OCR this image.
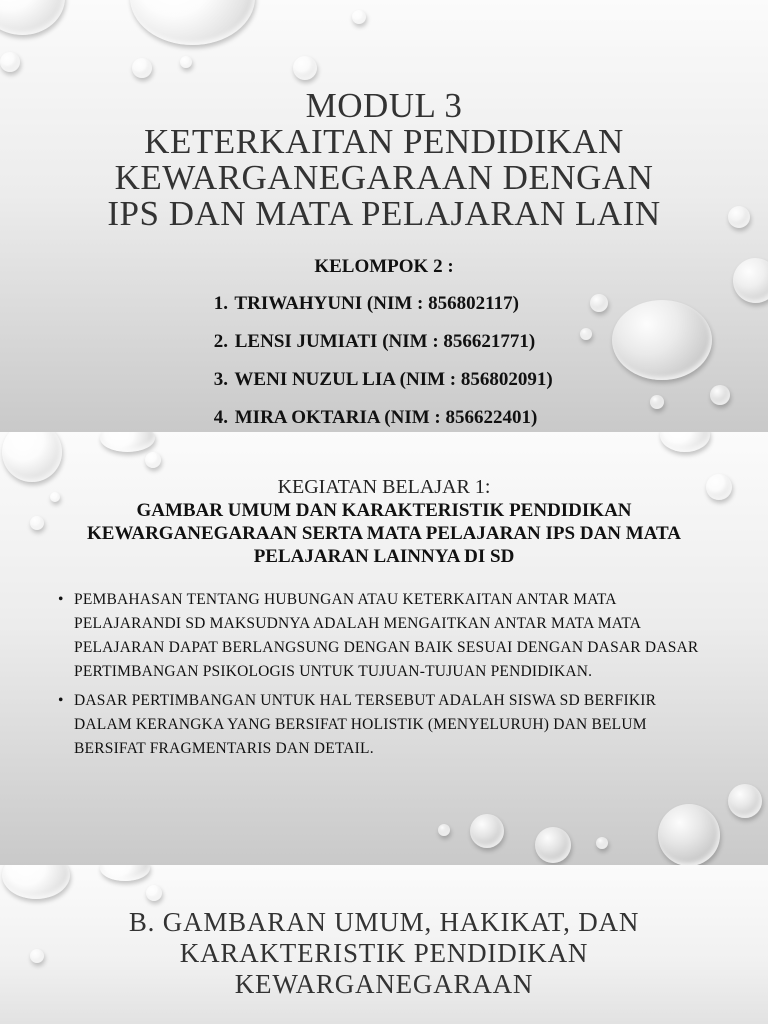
MODUL 3
KETERKAITAN PENDIDIKAN
KEWARGANEGARAAN DENGAN
IPS DAN MATA PELAJARAN LAIN
KELOMPOK 2 :
1. TRIWAHYUNI (NIM : 856802117)
2. LENSI JUMIATI (NIM : 856621771)
3. WENI NUZUL LIA (NIM : 856802091)
4. MIRA OKTARIA (NIM : 856622401)
KEGIATAN BELAJAR 1:
GAMBAR UMUM DAN KARAKTERISTIK PENDIDIKAN KEWARGANEGARAAN SERTA MATA PELAJARAN IPS DAN MATA PELAJARAN LAINNYA DI SD
• PEMBAHASAN TENTANG HUBUNGAN ATAU KETERKAITAN ANTAR MATA PELAJARANDI SD MAKSUDNYA ADALAH MENGAITKAN ANTAR MATA MATA PELAJARAN DAPAT BERLANGSUNG DENGAN BAIK SESUAI DENGAN DASAR DASAR PERTIMBANGAN PSIKOLOGIS UNTUK TUJUAN-TUJUAN PENDIDIKAN.
• DASAR PERTIMBANGAN UNTUK HAL TERSEBUT ADALAH SISWA SD BERFIKIR DALAM KERANGKA YANG BERSIFAT HOLISTIK (MENYELURUH) DAN BELUM BERSIFAT FRAGMENTARIS DAN DETAIL.
B. GAMBARAN UMUM, HAKIKAT, DAN
KARAKTERISTIK PENDIDIKAN
KEWARGANEGARAAN
